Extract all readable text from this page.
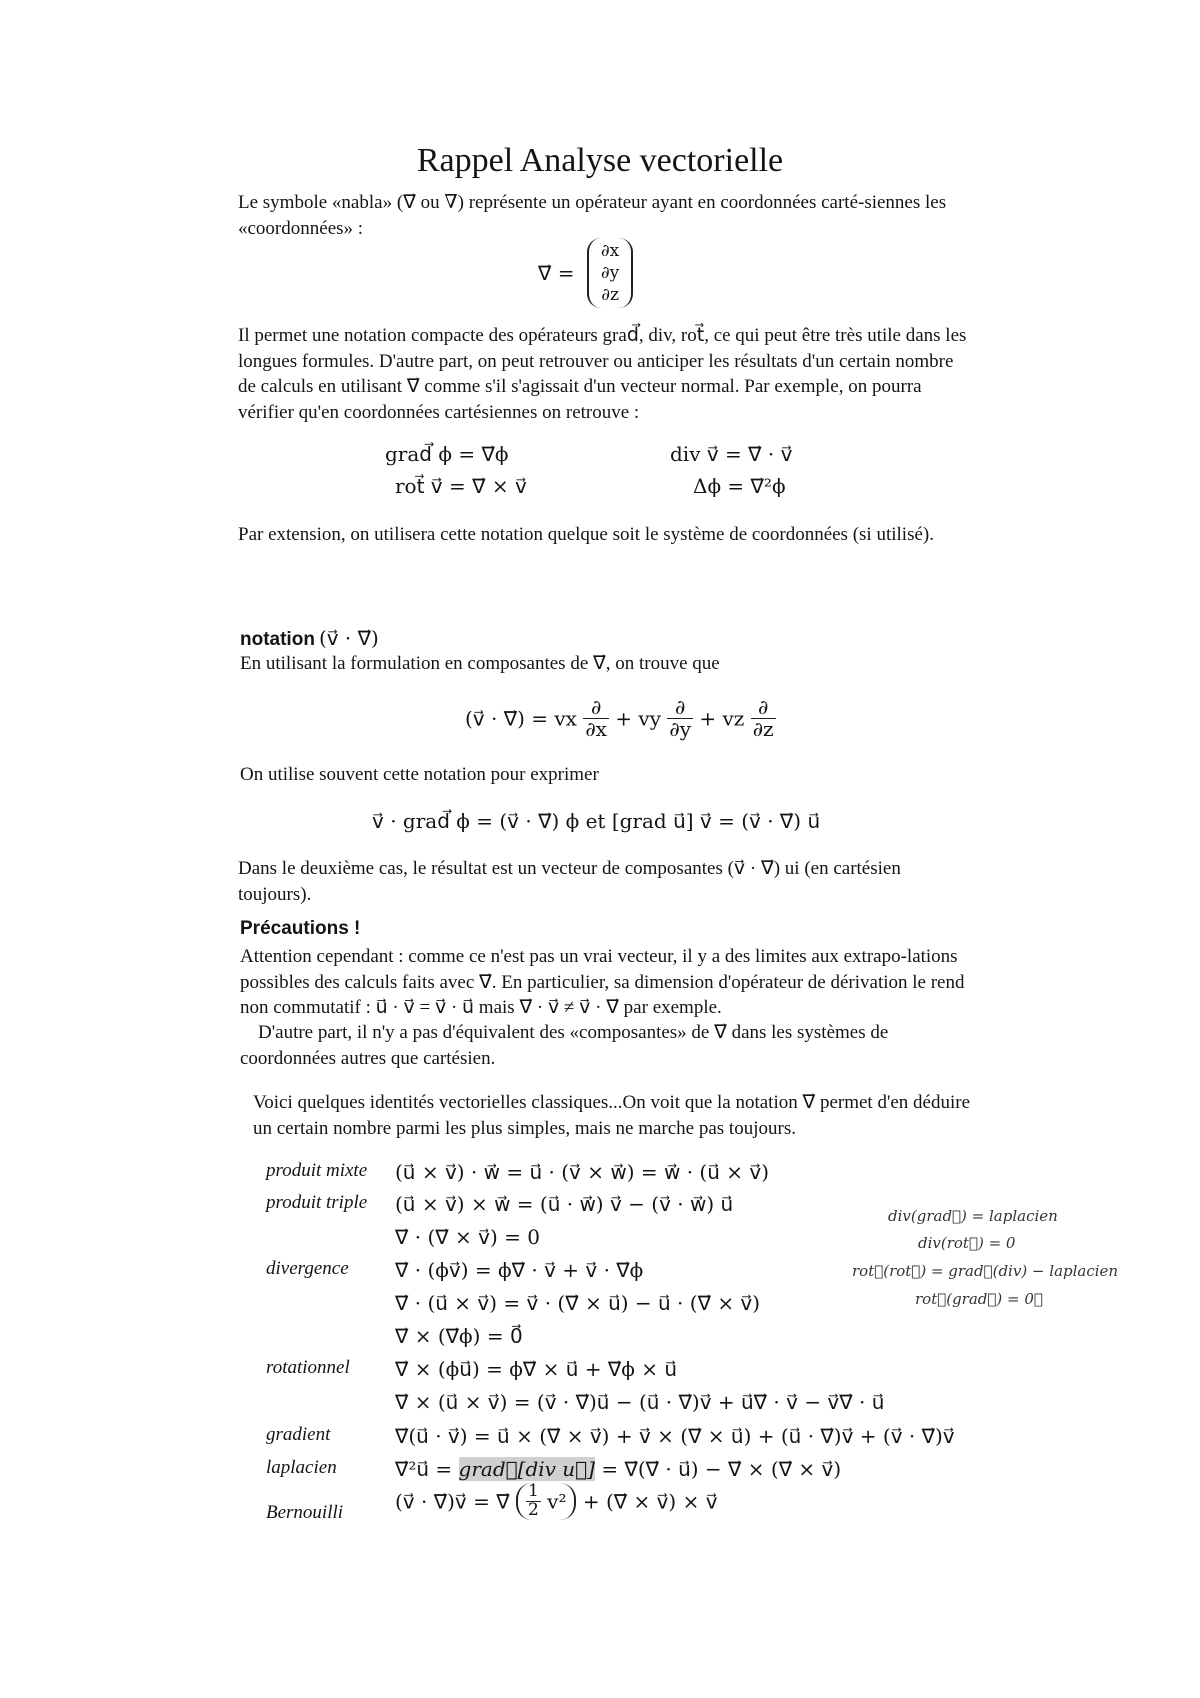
Rappel Analyse vectorielle

Le symbole «nabla» (∇⃗ ou ∇) représente un opérateur ayant en coordonnées carté-siennes les «coordonnées» :

∇⃗ =
∂x
∂y
∂z

Il permet une notation compacte des opérateurs grad⃗, div, rot⃗, ce qui peut être très utile dans les longues formules. D'autre part, on peut retrouver ou anticiper les résultats d'un certain nombre de calculs en utilisant ∇⃗ comme s'il s'agissait d'un vecteur normal. Par exemple, on pourra vérifier qu'en coordonnées cartésiennes on retrouve :

grad⃗ ϕ = ∇⃗ϕ	div v⃗ = ∇⃗ · v⃗
rot⃗ v⃗ = ∇⃗ × v⃗	Δϕ = ∇⃗²ϕ

Par extension, on utilisera cette notation quelque soit le système de coordonnées (si utilisé).

notation (v⃗ · ∇⃗)
En utilisant la formulation en composantes de ∇⃗, on trouve que
(v⃗ · ∇⃗) = vx $\frac{\partial}{\partial x}$ + vy $\frac{\partial}{\partial y}$ + vz $\frac{\partial}{\partial z}$
On utilise souvent cette notation pour exprimer
v⃗ · grad⃗ ϕ = (v⃗ · ∇⃗) ϕ et [grad u⃗] v⃗ = (v⃗ · ∇⃗) u⃗

Dans le deuxième cas, le résultat est un vecteur de composantes (v⃗ · ∇⃗) ui (en cartésien toujours).

Précautions !

Attention cependant : comme ce n'est pas un vrai vecteur, il y a des limites aux extrapo-lations possibles des calculs faits avec ∇⃗. En particulier, sa dimension d'opérateur de dérivation le rend non commutatif : u⃗ · v⃗ = v⃗ · u⃗ mais ∇⃗ · v⃗ ≠ v⃗ · ∇⃗ par exemple.

D'autre part, il n'y a pas d'équivalent des «composantes» de ∇⃗ dans les systèmes de coordonnées autres que cartésien.

Voici quelques identités vectorielles classiques...On voit que la notation ∇⃗ permet d'en déduire un certain nombre parmi les plus simples, mais ne marche pas toujours.

produit mixte (u⃗ × v⃗) · w⃗ = u⃗ · (v⃗ × w⃗) = w⃗ · (u⃗ × v⃗)
produit triple (u⃗ × v⃗) × w⃗ = (u⃗ · w⃗) v⃗ − (v⃗ · w⃗) u⃗
∇⃗ · (∇⃗ × v⃗) = 0
divergence ∇⃗ · (ϕv⃗) = ϕ∇⃗ · v⃗ + v⃗ · ∇⃗ϕ
∇⃗ · (u⃗ × v⃗) = v⃗ · (∇⃗ × u⃗) − u⃗ · (∇⃗ × v⃗)
∇⃗ × (∇⃗ϕ) = 0⃗
rotationnel ∇⃗ × (ϕu⃗) = ϕ∇⃗ × u⃗ + ∇⃗ϕ × u⃗
∇⃗ × (u⃗ × v⃗) = (v⃗ · ∇⃗)u⃗ − (u⃗ · ∇⃗)v⃗ + u⃗∇⃗ · v⃗ − v⃗∇⃗ · u⃗
gradient	∇⃗(u⃗ · v⃗) = u⃗ × (∇⃗ × v⃗) + v⃗ × (∇⃗ × u⃗) + (u⃗ · ∇⃗)v⃗ + (v⃗ · ∇⃗)v⃗
laplacien	∇⃗²u⃗ = grad⃗[div u⃗] = ∇⃗(∇⃗ · u⃗) − ∇⃗ × (∇⃗ × v⃗)
Bernouilli	(v⃗ · ∇⃗)v⃗ = ∇⃗ $\frac{1}{2} v^2$ + (∇⃗ × v⃗) × v⃗
div(grad⃗) = laplacien
div(rot⃗) = 0
rot⃗(rot⃗) = grad⃗(div) − laplacien
rot⃗(grad⃗) = 0⃗
